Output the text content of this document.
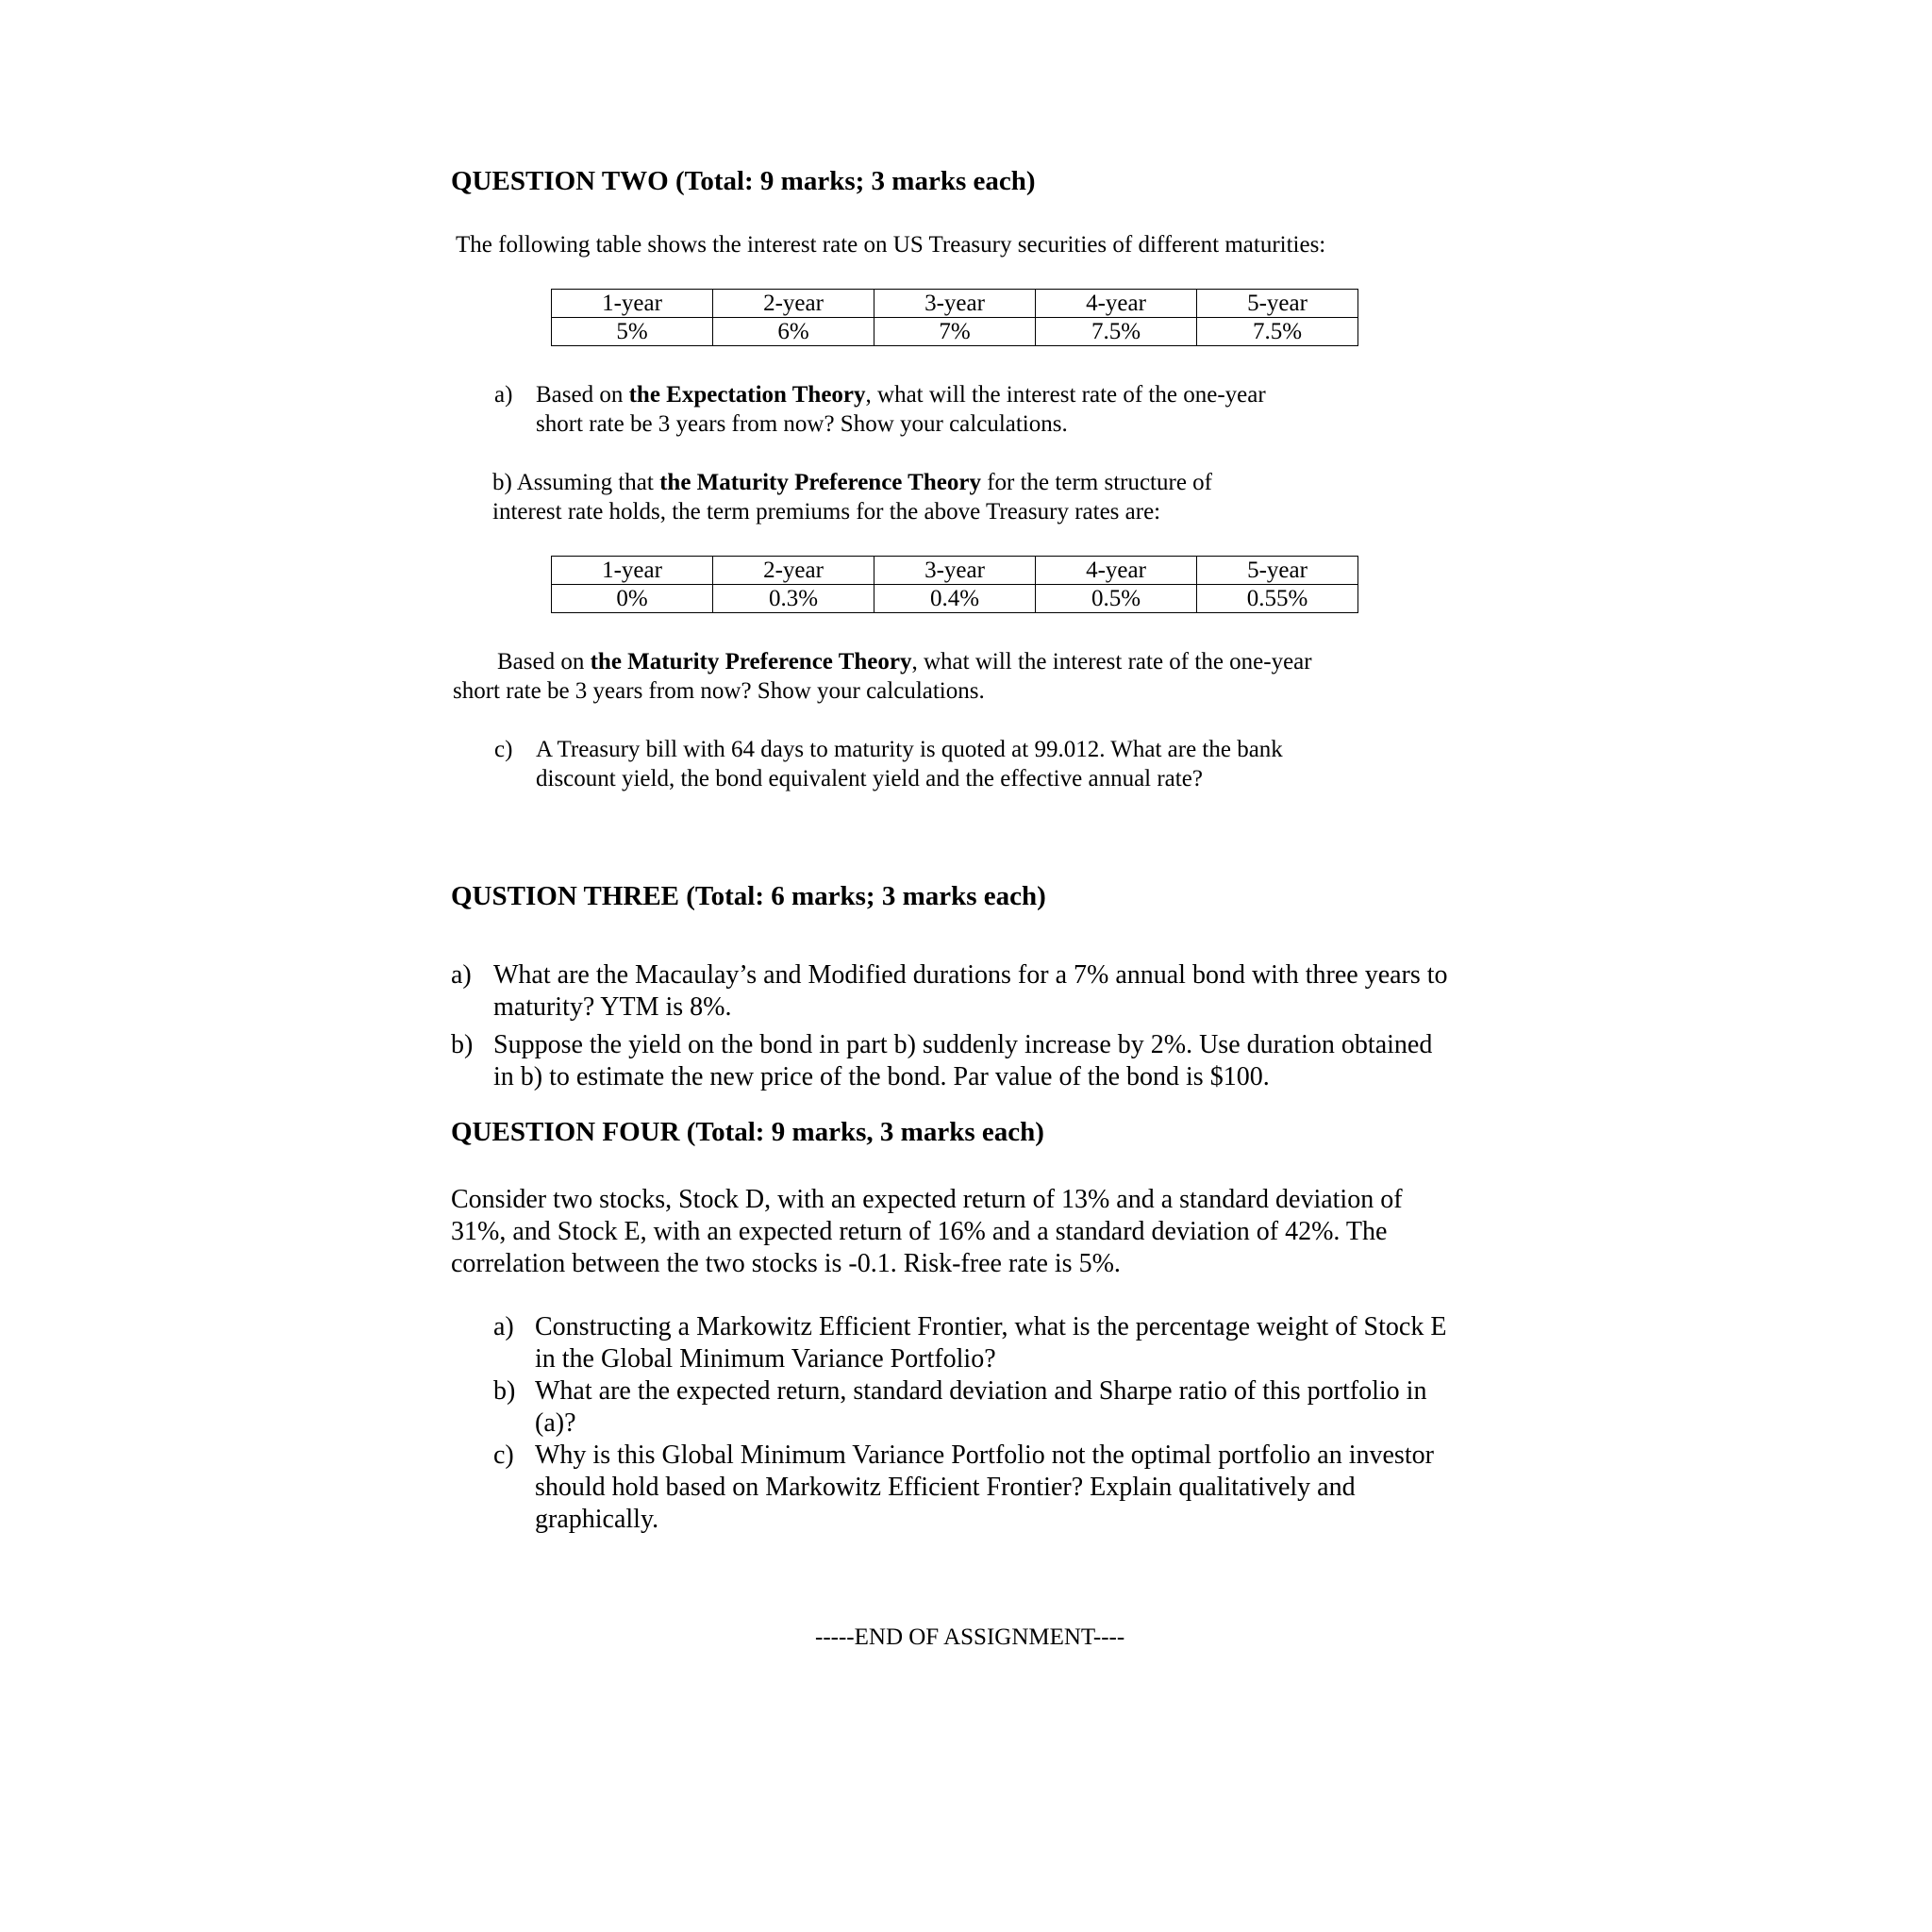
QUESTION TWO (Total: 9 marks; 3 marks each)
The following table shows the interest rate on US Treasury securities of different maturities:
1-year	2-year	3-year	4-year	5-year
5%	6%	7%	7.5%	7.5%
a) Based on the Expectation Theory, what will the interest rate of the one-year
short rate be 3 years from now? Show your calculations.
b) Assuming that the Maturity Preference Theory for the term structure of
interest rate holds, the term premiums for the above Treasury rates are:
1-year	2-year	3-year	4-year	5-year
0%	0.3%	0.4%	0.5%	0.55%
Based on the Maturity Preference Theory, what will the interest rate of the one-year
short rate be 3 years from now? Show your calculations.
c) A Treasury bill with 64 days to maturity is quoted at 99.012. What are the bank
discount yield, the bond equivalent yield and the effective annual rate?
QUSTION THREE (Total: 6 marks; 3 marks each)
a) What are the Macaulay’s and Modified durations for a 7% annual bond with three years to
maturity? YTM is 8%.
b) Suppose the yield on the bond in part b) suddenly increase by 2%. Use duration obtained
in b) to estimate the new price of the bond. Par value of the bond is $100.
QUESTION FOUR (Total: 9 marks, 3 marks each)
Consider two stocks, Stock D, with an expected return of 13% and a standard deviation of
31%, and Stock E, with an expected return of 16% and a standard deviation of 42%. The
correlation between the two stocks is -0.1. Risk-free rate is 5%.
a) Constructing a Markowitz Efficient Frontier, what is the percentage weight of Stock E
in the Global Minimum Variance Portfolio?
b) What are the expected return, standard deviation and Sharpe ratio of this portfolio in
(a)?
c) Why is this Global Minimum Variance Portfolio not the optimal portfolio an investor
should hold based on Markowitz Efficient Frontier? Explain qualitatively and
graphically.
-----END OF ASSIGNMENT----
